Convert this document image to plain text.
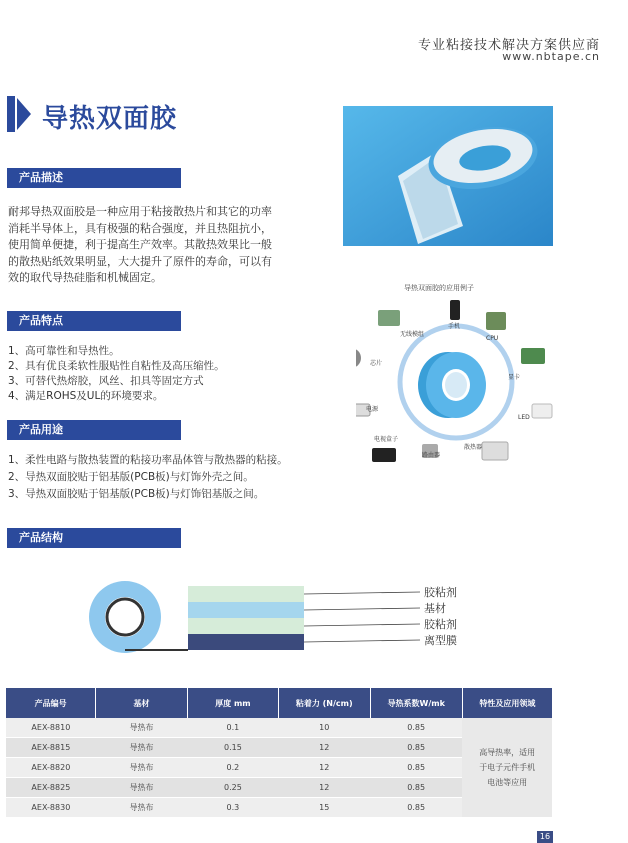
专业粘接技术解决方案供应商
www.nbtape.cn
导热双面胶
产品描述
耐邦导热双面胶是一种应用于粘接散热片和其它的功率消耗半导体上，具有极强的粘合强度，并且热阻抗小，使用简单便捷，利于提高生产效率。其散热效果比一般的散热贴纸效果明显，大大提升了原件的寿命，可以有效的取代导热硅脂和机械固定。
产品特点
1、高可靠性和导热性。
2、具有优良柔软性服贴性自粘性及高压缩性。
3、可替代热熔胶，风丝、扣具等固定方式
4、满足ROHS及UL的环境要求。
产品用途
1、柔性电路与散热装置的粘接功率晶体管与散热器的粘接。
2、导热双面胶贴于铝基版(PCB板)与灯饰外壳之间。
3、导热双面胶贴于铝基版(PCB板)与灯饰铝基版之间。
导热双面胶的应用例子
无线模组
手机
CPU
芯片
显卡
电源
LED
电视盒子
路由器
散热器
产品结构
胶粘剂
基材
胶粘剂
离型膜
产品编号	基材	厚度 mm	粘着力 (N/cm)	导热系数W/mk	特性及应用领域
AEX-8810	导热布	0.1	10	0.85	高导热率，适用
于电子元件手机
电池等应用

AEX-8815	导热布	0.15	12	0.85	
AEX-8820	导热布	0.2	12	0.85	
AEX-8825	导热布	0.25	12	0.85	
AEX-8830	导热布	0.3	15	0.85	
16
